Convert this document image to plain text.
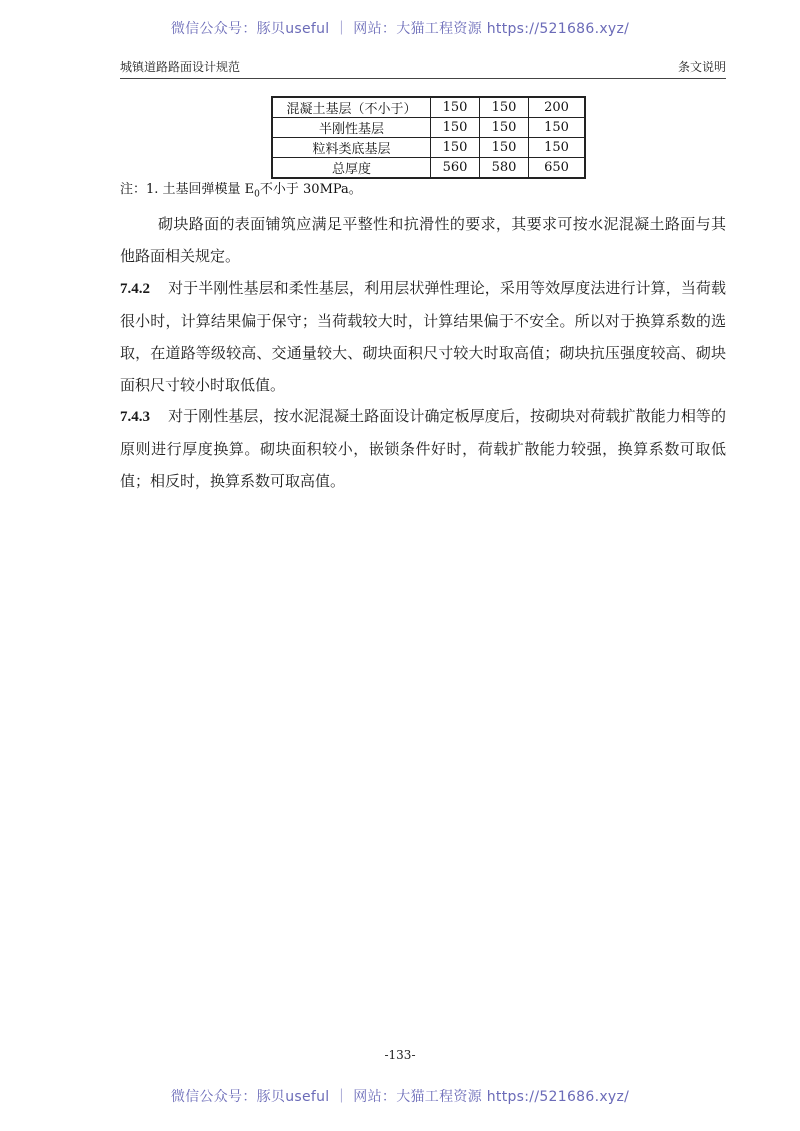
微信公众号：豚贝useful ｜ 网站：大猫工程资源 https://521686.xyz/
城镇道路路面设计规范	条文说明
混凝土基层（不小于）	150	150	200
半刚性基层	150	150	150
粒料类底基层	150	150	150
总厚度	560	580	650
注：1. 土基回弹模量 $E_0$不小于 30MPa。
砌块路面的表面铺筑应满足平整性和抗滑性的要求，其要求可按水泥混凝土路面与其他路面相关规定。
7.4.2 对于半刚性基层和柔性基层，利用层状弹性理论，采用等效厚度法进行计算，当荷载很小时，计算结果偏于保守；当荷载较大时，计算结果偏于不安全。所以对于换算系数的选取，在道路等级较高、交通量较大、砌块面积尺寸较大时取高值；砌块抗压强度较高、砌块面积尺寸较小时取低值。
7.4.3 对于刚性基层，按水泥混凝土路面设计确定板厚度后，按砌块对荷载扩散能力相等的原则进行厚度换算。砌块面积较小，嵌锁条件好时，荷载扩散能力较强，换算系数可取低值；相反时，换算系数可取高值。
-133-
微信公众号：豚贝useful ｜ 网站：大猫工程资源 https://521686.xyz/
